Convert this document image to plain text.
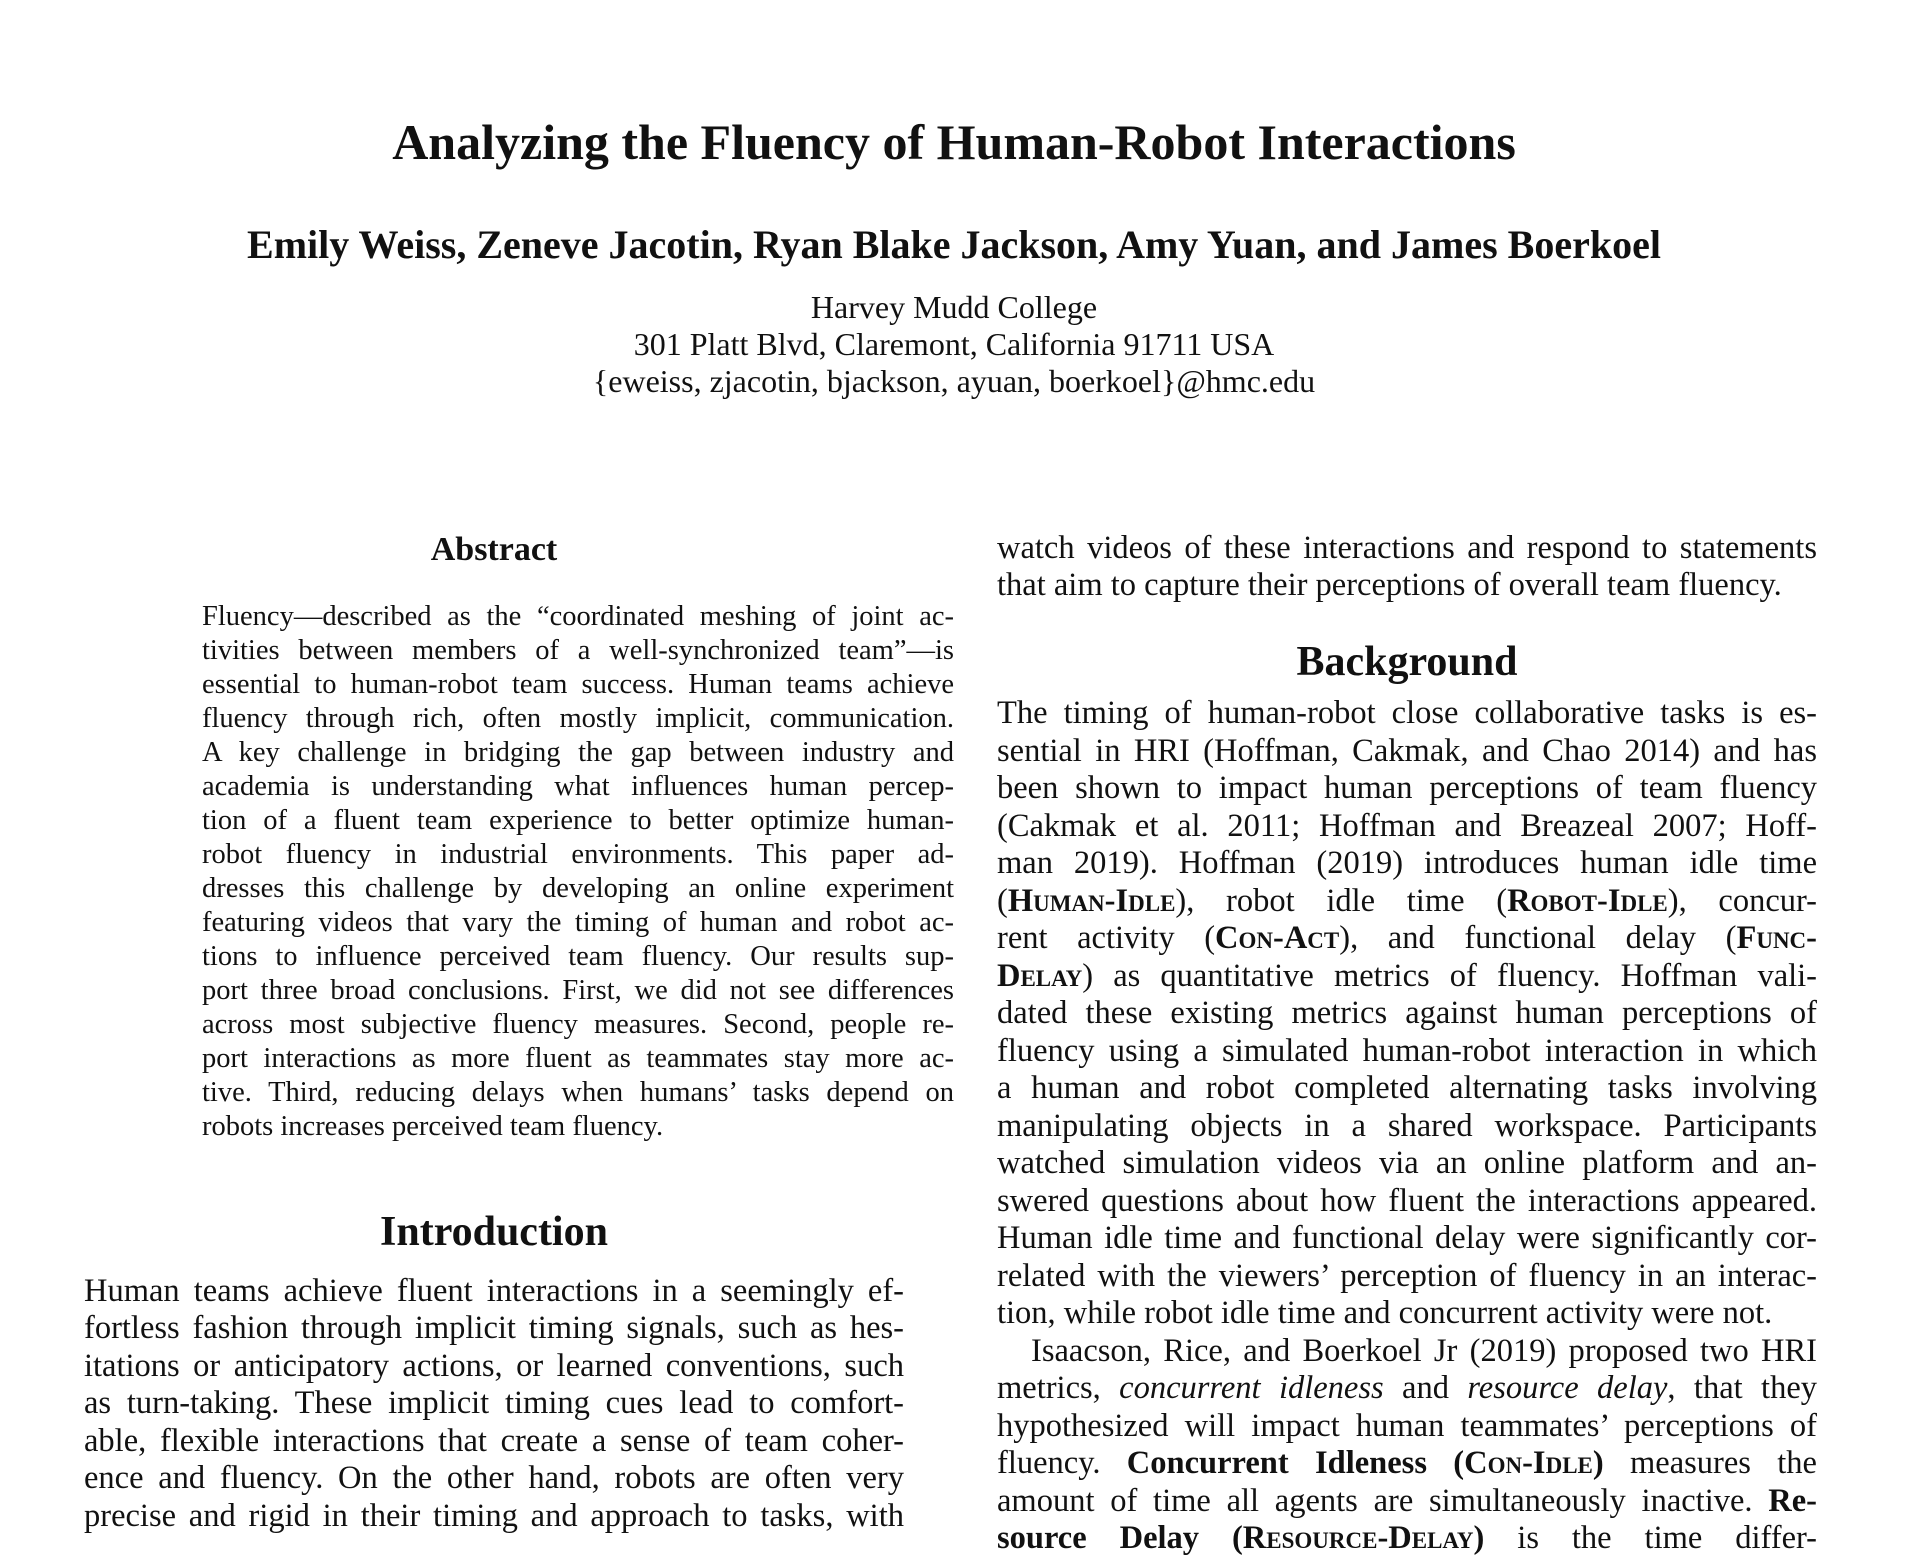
Analyzing the Fluency of Human-Robot Interactions
Emily Weiss, Zeneve Jacotin, Ryan Blake Jackson, Amy Yuan, and James Boerkoel
Harvey Mudd College
301 Platt Blvd, Claremont, California 91711 USA
{eweiss, zjacotin, bjackson, ayuan, boerkoel}@hmc.edu
Abstract
Fluency—described as the “coordinated meshing of joint ac-
tivities between members of a well-synchronized team”—is
essential to human-robot team success. Human teams achieve
fluency through rich, often mostly implicit, communication.
A key challenge in bridging the gap between industry and
academia is understanding what influences human percep-
tion of a fluent team experience to better optimize human-
robot fluency in industrial environments. This paper ad-
dresses this challenge by developing an online experiment
featuring videos that vary the timing of human and robot ac-
tions to influence perceived team fluency. Our results sup-
port three broad conclusions. First, we did not see differences
across most subjective fluency measures. Second, people re-
port interactions as more fluent as teammates stay more ac-
tive. Third, reducing delays when humans’ tasks depend on
robots increases perceived team fluency.
Introduction
Human teams achieve fluent interactions in a seemingly ef-
fortless fashion through implicit timing signals, such as hes-
itations or anticipatory actions, or learned conventions, such
as turn-taking. These implicit timing cues lead to comfort-
able, flexible interactions that create a sense of team coher-
ence and fluency. On the other hand, robots are often very
precise and rigid in their timing and approach to tasks, with
watch videos of these interactions and respond to statements
that aim to capture their perceptions of overall team fluency.
Background
The timing of human-robot close collaborative tasks is es-
sential in HRI (Hoffman, Cakmak, and Chao 2014) and has
been shown to impact human perceptions of team fluency
(Cakmak et al. 2011; Hoffman and Breazeal 2007; Hoff-
man 2019). Hoffman (2019) introduces human idle time
(Human-Idle), robot idle time (Robot-Idle), concur-
rent activity (Con-Act), and functional delay (Func-
Delay) as quantitative metrics of fluency. Hoffman vali-
dated these existing metrics against human perceptions of
fluency using a simulated human-robot interaction in which
a human and robot completed alternating tasks involving
manipulating objects in a shared workspace. Participants
watched simulation videos via an online platform and an-
swered questions about how fluent the interactions appeared.
Human idle time and functional delay were significantly cor-
related with the viewers’ perception of fluency in an interac-
tion, while robot idle time and concurrent activity were not.
Isaacson, Rice, and Boerkoel Jr (2019) proposed two HRI
metrics, concurrent idleness and resource delay, that they
hypothesized will impact human teammates’ perceptions of
fluency. Concurrent Idleness (Con-Idle) measures the
amount of time all agents are simultaneously inactive. Re-
source Delay (Resource-Delay) is the time differ-
